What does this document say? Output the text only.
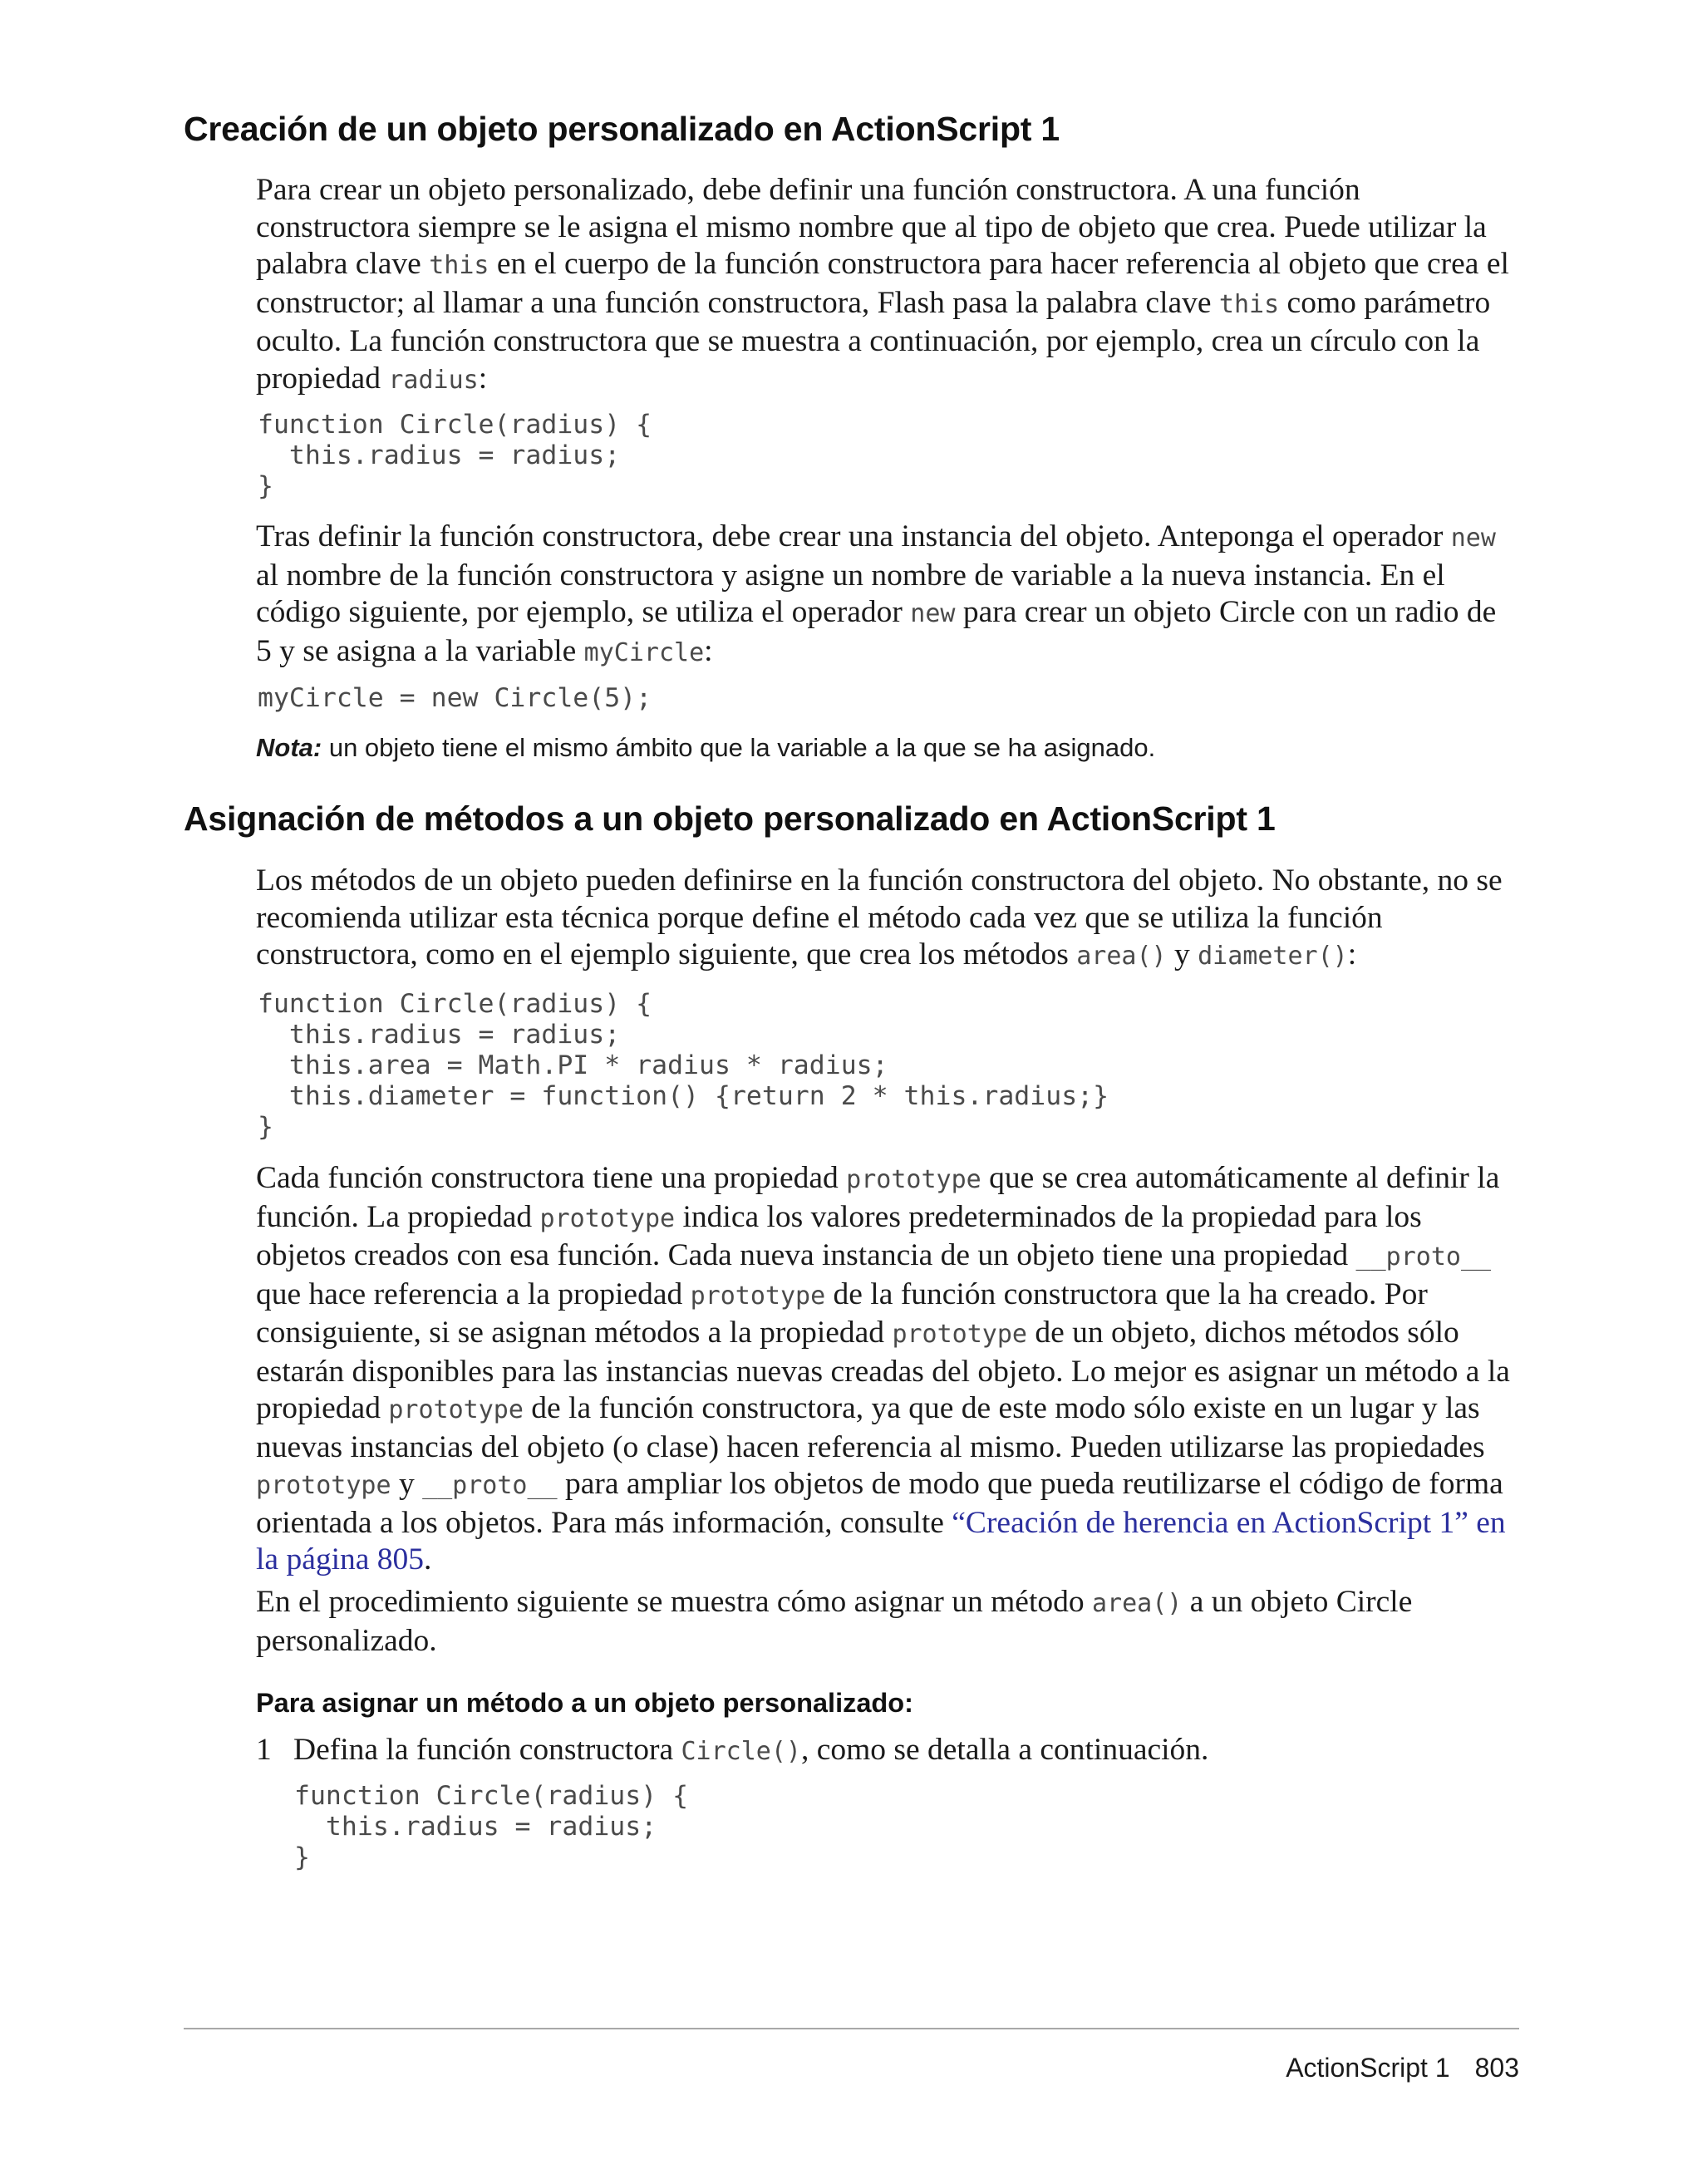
Creación de un objeto personalizado en ActionScript 1

Para crear un objeto personalizado, debe definir una función constructora. A una función constructora siempre se le asigna el mismo nombre que al tipo de objeto que crea. Puede utilizar la palabra clave this en el cuerpo de la función constructora para hacer referencia al objeto que crea el constructor; al llamar a una función constructora, Flash pasa la palabra clave this como parámetro oculto. La función constructora que se muestra a continuación, por ejemplo, crea un círculo con la propiedad radius:

function Circle(radius) {
this.radius = radius;
}

Tras definir la función constructora, debe crear una instancia del objeto. Anteponga el operador new al nombre de la función constructora y asigne un nombre de variable a la nueva instancia. En el código siguiente, por ejemplo, se utiliza el operador new para crear un objeto Circle con un radio de 5 y se asigna a la variable myCircle:

myCircle = new Circle(5);

Nota: un objeto tiene el mismo ámbito que la variable a la que se ha asignado.

Asignación de métodos a un objeto personalizado en ActionScript 1

Los métodos de un objeto pueden definirse en la función constructora del objeto. No obstante, no se recomienda utilizar esta técnica porque define el método cada vez que se utiliza la función constructora, como en el ejemplo siguiente, que crea los métodos area() y diameter():

function Circle(radius) {
this.radius = radius;
this.area = Math.PI * radius * radius;
this.diameter = function() {return 2 * this.radius;}
}

Cada función constructora tiene una propiedad prototype que se crea automáticamente al definir la función. La propiedad prototype indica los valores predeterminados de la propiedad para los objetos creados con esa función. Cada nueva instancia de un objeto tiene una propiedad __proto__ que hace referencia a la propiedad prototype de la función constructora que la ha creado. Por consiguiente, si se asignan métodos a la propiedad prototype de un objeto, dichos métodos sólo estarán disponibles para las instancias nuevas creadas del objeto. Lo mejor es asignar un método a la propiedad prototype de la función constructora, ya que de este modo sólo existe en un lugar y las nuevas instancias del objeto (o clase) hacen referencia al mismo. Pueden utilizarse las propiedades prototype y __proto__ para ampliar los objetos de modo que pueda reutilizarse el código de forma orientada a los objetos. Para más información, consulte “Creación de herencia en ActionScript 1” en la página 805.

En el procedimiento siguiente se muestra cómo asignar un método area() a un objeto Circle personalizado.

Para asignar un método a un objeto personalizado:

1 Defina la función constructora Circle(), como se detalla a continuación.

function Circle(radius) {
this.radius = radius;
}

ActionScript 1 803
